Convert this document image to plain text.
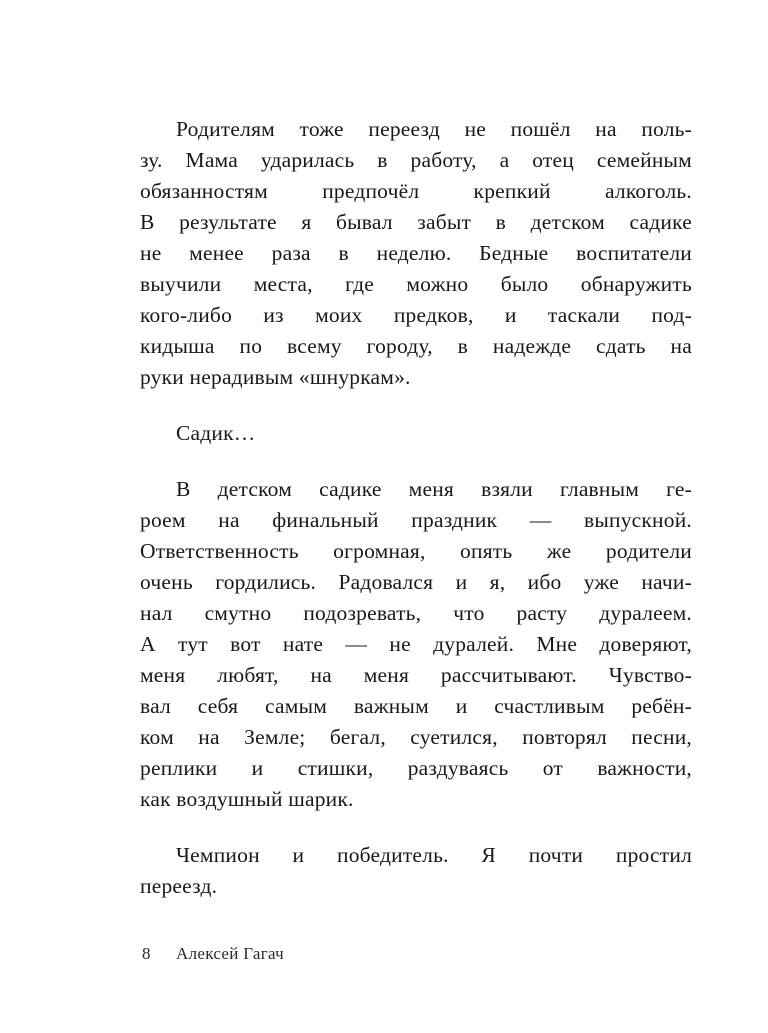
Родителям тоже переезд не пошёл на поль-
зу. Мама ударилась в работу, а отец семейным
обязанностям предпочёл крепкий алкоголь.
В результате я бывал забыт в детском садике
не менее раза в неделю. Бедные воспитатели
выучили места, где можно было обнаружить
кого-либо из моих предков, и таскали под-
кидыша по всему городу, в надежде сдать на
руки нерадивым «шнуркам».
Садик…
В детском садике меня взяли главным ге-
роем на финальный праздник — выпускной.
Ответственность огромная, опять же родители
очень гордились. Радовался и я, ибо уже начи-
нал смутно подозревать, что расту дуралеем.
А тут вот нате — не дуралей. Мне доверяют,
меня любят, на меня рассчитывают. Чувство-
вал себя самым важным и счастливым ребён-
ком на Земле; бегал, суетился, повторял песни,
реплики и стишки, раздуваясь от важности,
как воздушный шарик.
Чемпион и победитель. Я почти простил
переезд.
8 Алексей Гагач
